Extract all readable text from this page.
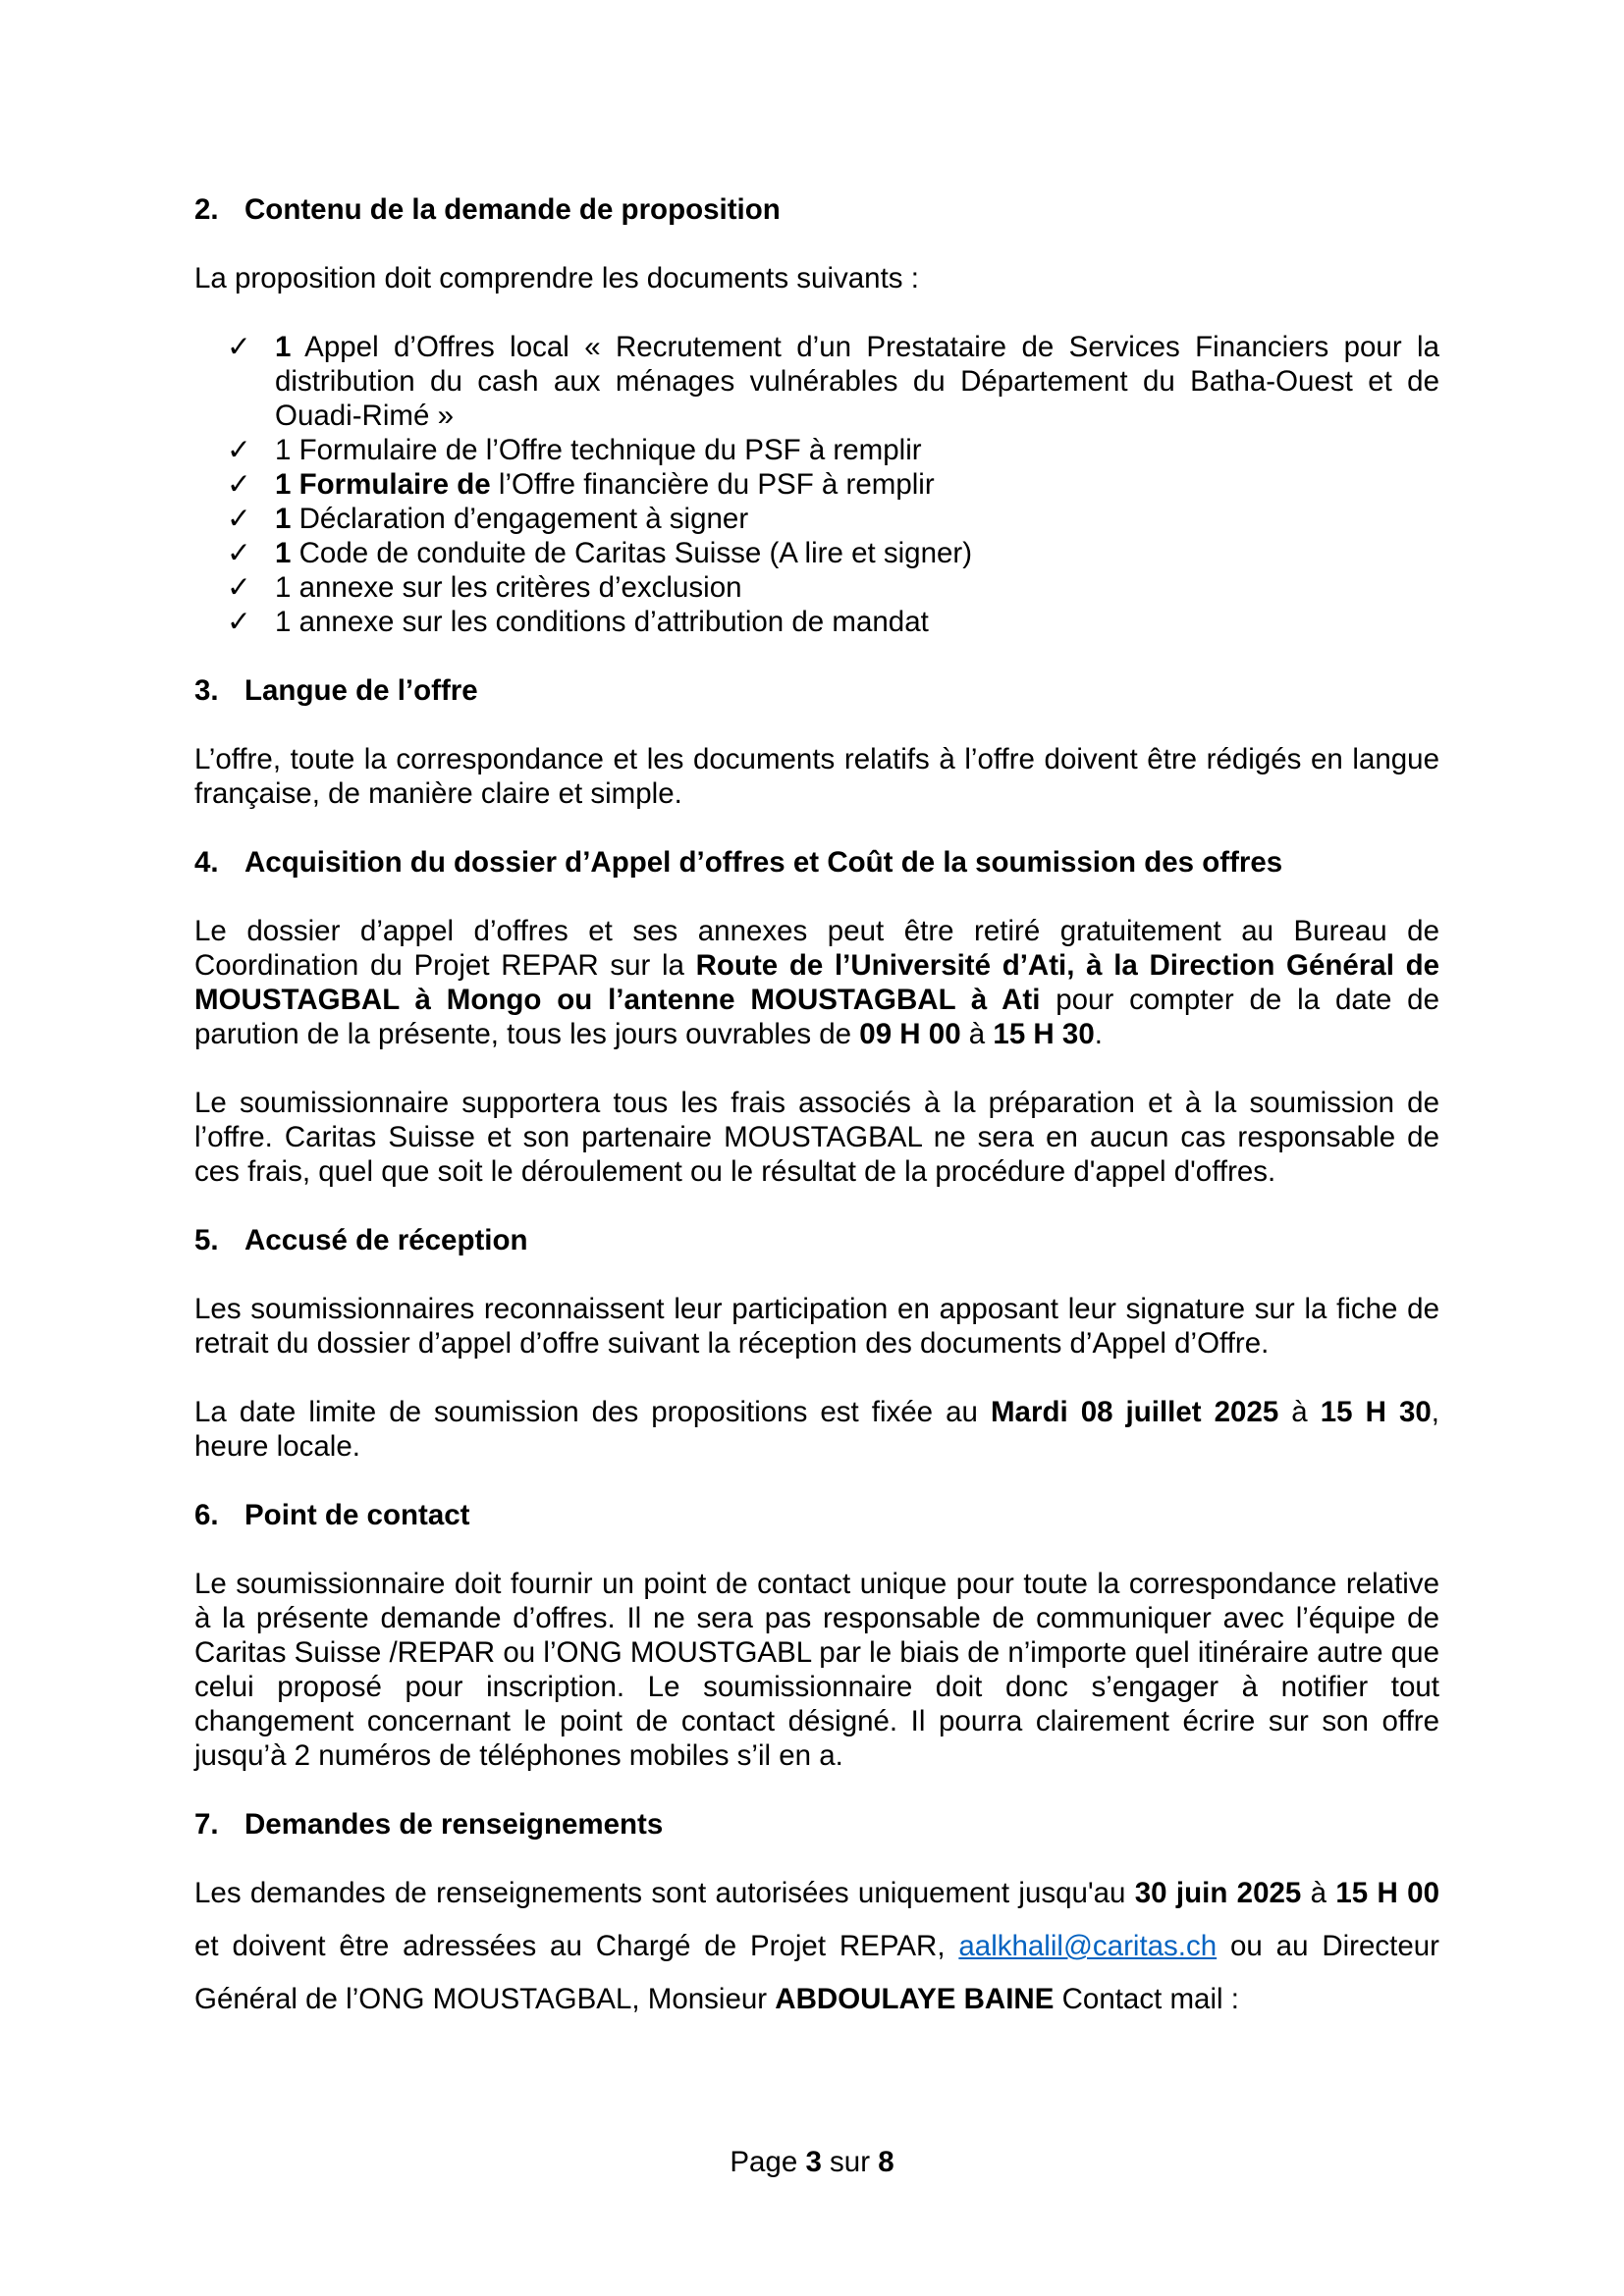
2. Contenu de la demande de proposition

La proposition doit comprendre les documents suivants :

✓ 1 Appel d’Offres local « Recrutement d’un Prestataire de Services Financiers pour la distribution du cash aux ménages vulnérables du Département du Batha-Ouest et de Ouadi-Rimé »
✓ 1 Formulaire de l’Offre technique du PSF à remplir
✓ 1 Formulaire de l’Offre financière du PSF à remplir
✓ 1 Déclaration d’engagement à signer
✓ 1 Code de conduite de Caritas Suisse (A lire et signer)
✓ 1 annexe sur les critères d’exclusion
✓ 1 annexe sur les conditions d’attribution de mandat
3. Langue de l’offre

L’offre, toute la correspondance et les documents relatifs à l’offre doivent être rédigés en langue française, de manière claire et simple.

4. Acquisition du dossier d’Appel d’offres et Coût de la soumission des offres

Le dossier d’appel d’offres et ses annexes peut être retiré gratuitement au Bureau de Coordination du Projet REPAR sur la Route de l’Université d’Ati, à la Direction Général de MOUSTAGBAL à Mongo ou l’antenne MOUSTAGBAL à Ati pour compter de la date de parution de la présente, tous les jours ouvrables de 09 H 00 à 15 H 30.

Le soumissionnaire supportera tous les frais associés à la préparation et à la soumission de l’offre. Caritas Suisse et son partenaire MOUSTAGBAL ne sera en aucun cas responsable de ces frais, quel que soit le déroulement ou le résultat de la procédure d'appel d'offres.

5. Accusé de réception

Les soumissionnaires reconnaissent leur participation en apposant leur signature sur la fiche de retrait du dossier d’appel d’offre suivant la réception des documents d’Appel d’Offre.

La date limite de soumission des propositions est fixée au Mardi 08 juillet 2025 à 15 H 30, heure locale.

6. Point de contact

Le soumissionnaire doit fournir un point de contact unique pour toute la correspondance relative à la présente demande d’offres. Il ne sera pas responsable de communiquer avec l’équipe de Caritas Suisse /REPAR ou l’ONG MOUSTGABL par le biais de n’importe quel itinéraire autre que celui proposé pour inscription. Le soumissionnaire doit donc s’engager à notifier tout changement concernant le point de contact désigné. Il pourra clairement écrire sur son offre jusqu’à 2 numéros de téléphones mobiles s’il en a.

7. Demandes de renseignements

Les demandes de renseignements sont autorisées uniquement jusqu'au 30 juin 2025 à 15 H 00 et doivent être adressées au Chargé de Projet REPAR, aalkhalil@caritas.ch ou au Directeur Général de l’ONG MOUSTAGBAL, Monsieur ABDOULAYE BAINE Contact mail :

Page 3 sur 8
